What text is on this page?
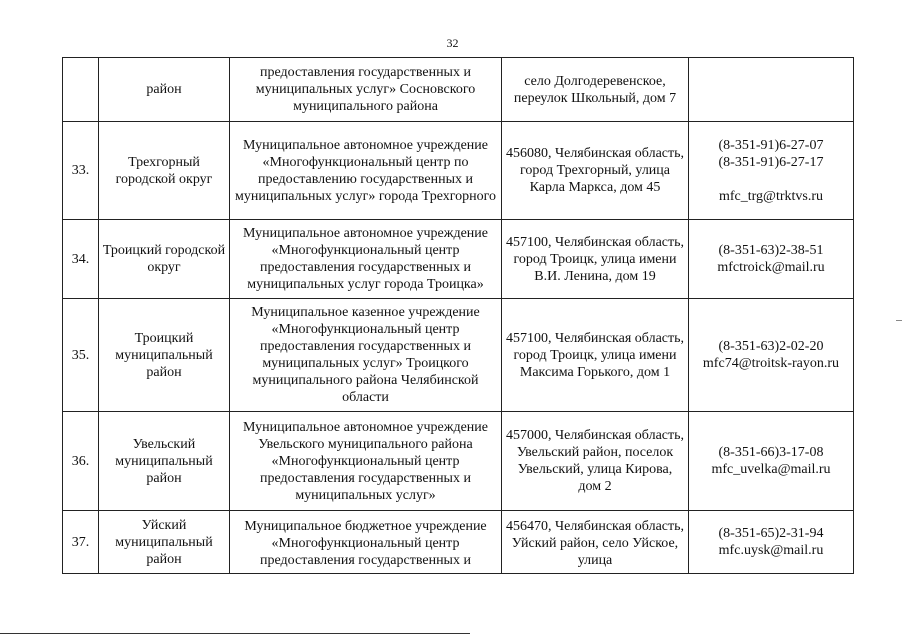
32
	район	предоставления государственных и муниципальных услуг» Сосновского муниципального района	село Долгодеревенское, переулок Школьный, дом 7	
33.	Трехгорный городской округ	Муниципальное автономное учреждение «Многофункциональный центр по предоставлению государственных и муниципальных услуг» города Трехгорного	456080, Челябинская область, город Трехгорный, улица Карла Маркса, дом 45	(8-351-91)6-27-07
(8-351-91)6-27-17
mfc_trg@trktvs.ru

34.	Троицкий городской округ	Муниципальное автономное учреждение «Многофункциональный центр предоставления государственных и муниципальных услуг города Троицка»	457100, Челябинская область, город Троицк, улица имени В.И. Ленина, дом 19	(8-351-63)2-38-51
mfctroick@mail.ru

35.	Троицкий муниципальный район	Муниципальное казенное учреждение «Многофункциональный центр предоставления государственных и муниципальных услуг» Троицкого муниципального района Челябинской области	457100, Челябинская область, город Троицк, улица имени Максима Горького, дом 1	(8-351-63)2-02-20
mfc74@troitsk-rayon.ru

36.	Увельский муниципальный район	Муниципальное автономное учреждение Увельского муниципального района «Многофункциональный центр предоставления государственных и муниципальных услуг»	457000, Челябинская область, Увельский район, поселок Увельский, улица Кирова, дом 2	(8-351-66)3-17-08
mfc_uvelka@mail.ru

37.	Уйский муниципальный район	Муниципальное бюджетное учреждение «Многофункциональный центр предоставления государственных и	456470, Челябинская область, Уйский район, село Уйское, улица	(8-351-65)2-31-94
mfc.uysk@mail.ru
